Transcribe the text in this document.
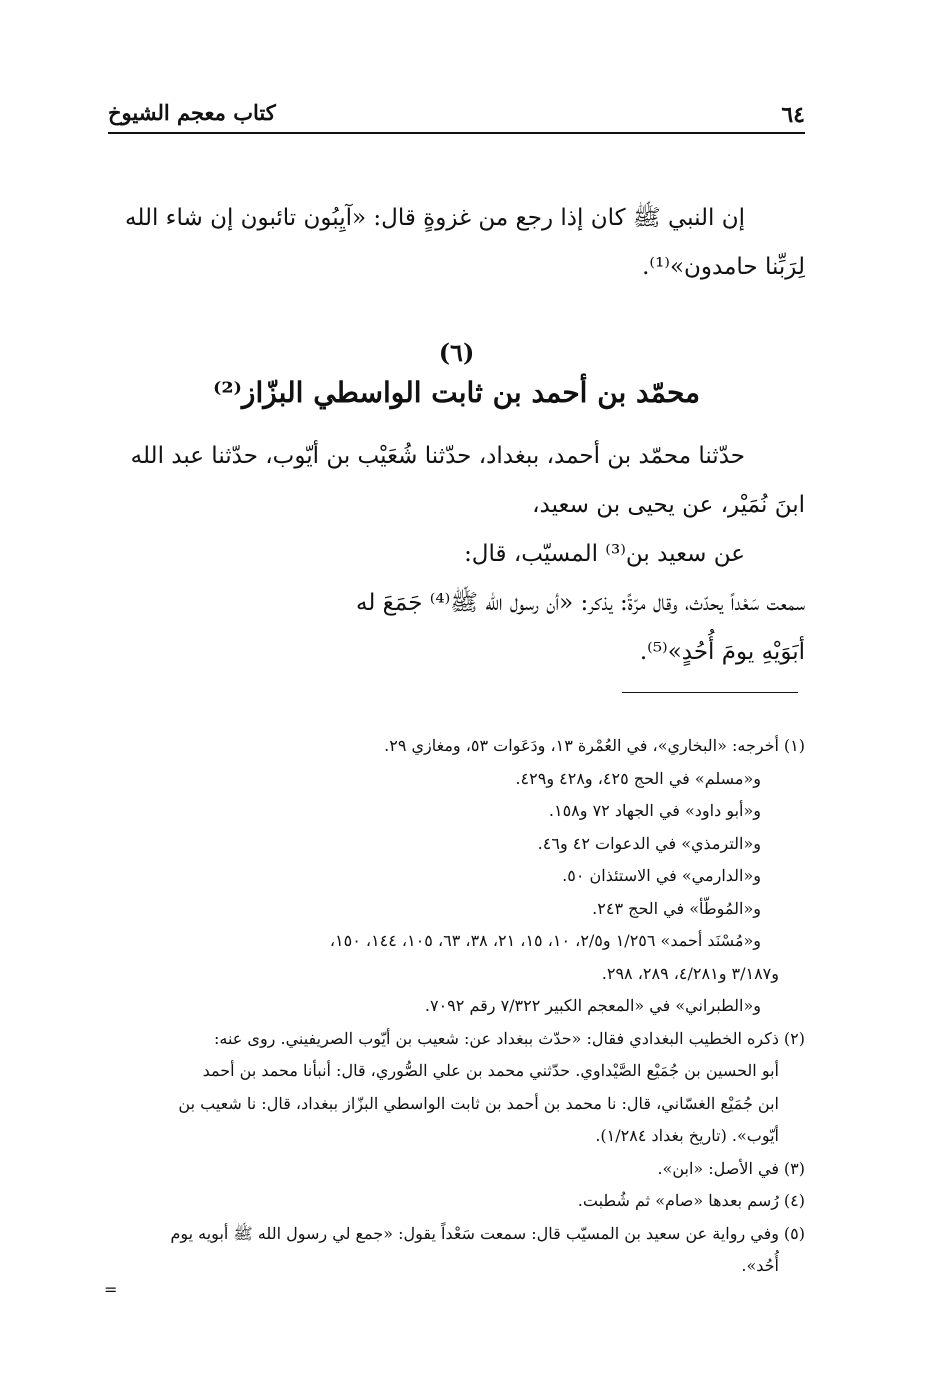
كتاب معجم الشيوخ	٦٤

إن النبي ﷺ كان إذا رجع من غزوةٍ قال: «آيِبُون تائبون إن شاء الله

لِرَبِّنا حامدون»⁽¹⁾.

(٦)
محمّد بن أحمد بن ثابت الواسطي البزّاز⁽²⁾

حدّثنا محمّد بن أحمد، ببغداد، حدّثنا شُعَيْب بن أيّوب، حدّثنا عبد الله

ابنَ نُمَيْر، عن يحيى بن سعيد،

عن سعيد بن⁽³⁾ المسيّب، قال:

سمعت سَعْداً يحدّث، وقال مرّةً: يذكر: «أن رسول الله ﷺ⁽⁴⁾ جَمَعَ له

أبَوَيْهِ يومَ أُحُدٍ»⁽⁵⁾.

(١)أخرجه: «البخاري»، في العُمْرة ١٣، ودَعَوات ٥٣، ومغازي ٢٩.

و«مسلم» في الحج ٤٢٥، و٤٢٨ و٤٢٩.

و«أبو داود» في الجهاد ٧٢ و١٥٨.

و«الترمذي» في الدعوات ٤٢ و٤٦.

و«الدارمي» في الاستئذان ٥٠.

و«المُوطّأ» في الحج ٢٤٣.

و«مُسْنَد أحمد» ١/٢٥٦ و٢/٥، ١٠، ١٥، ٢١، ٣٨، ٦٣، ١٠٥، ١٤٤، ١٥٠،

و٣/١٨٧ و٤/٢٨١، ٢٨٩، ٢٩٨.

و«الطبراني» في «المعجم الكبير ٧/٣٢٢ رقم ٧٠٩٢.

(٢)ذكره الخطيب البغدادي فقال: «حدّث ببغداد عن: شعيب بن أيّوب الصريفيني. روى عنه:

أبو الحسين بن جُمَيْع الصَّيْداوي. حدّثني محمد بن علي الصُّوري، قال: أنبأنا محمد بن أحمد

ابن جُمَيْع الغسّاني، قال: نا محمد بن أحمد بن ثابت الواسطي البزّاز ببغداد، قال: نا شعيب بن

أيّوب». (تاريخ بغداد ١/٢٨٤).

(٣)في الأصل: «ابن».

(٤)رُسم بعدها «صام» ثم شُطبت.

(٥)وفي رواية عن سعيد بن المسيّب قال: سمعت سَعْداً يقول: «جمع لي رسول الله ﷺ أبويه يوم

أُحُد».

=
